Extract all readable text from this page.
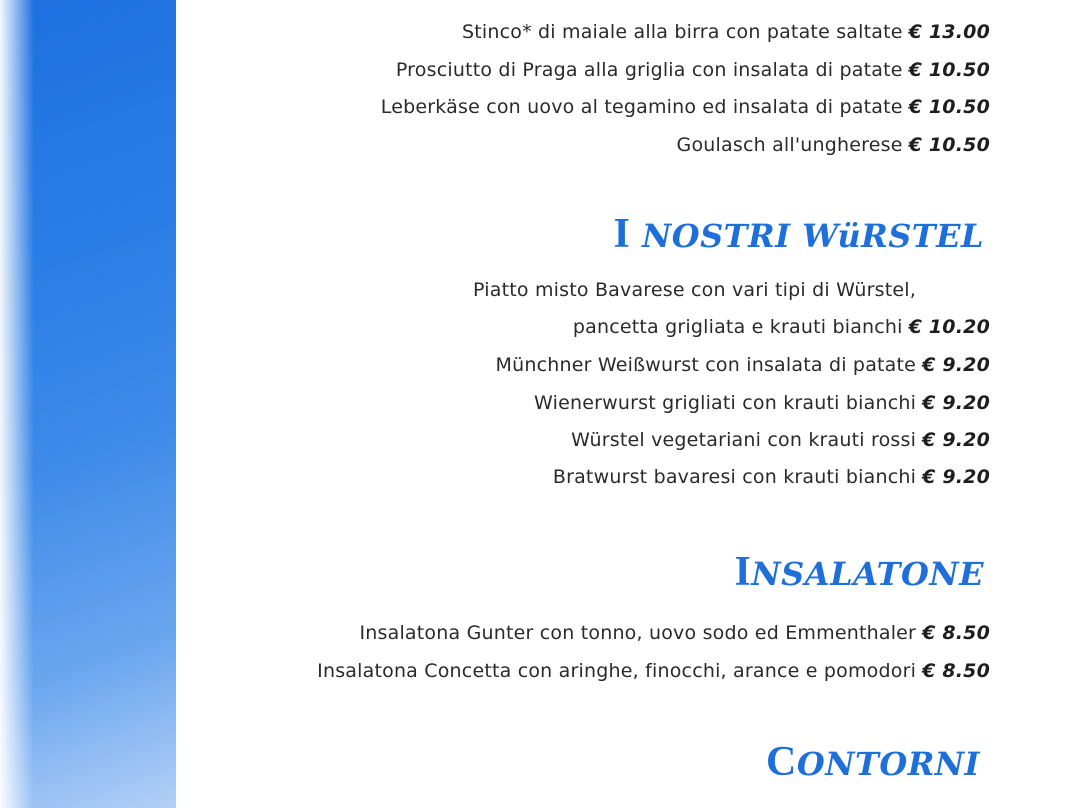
Stinco* di maiale alla birra con patate saltate € 13.00
Prosciutto di Praga alla griglia con insalata di patate € 10.50
Leberkäse con uovo al tegamino ed insalata di patate € 10.50
Goulasch all'ungherese € 10.50
I NOSTRI WüRSTEL
Piatto misto Bavarese con vari tipi di Würstel,
pancetta grigliata e krauti bianchi € 10.20
Münchner Weißwurst con insalata di patate € 9.20
Wienerwurst grigliati con krauti bianchi € 9.20
Würstel vegetariani con krauti rossi € 9.20
Bratwurst bavaresi con krauti bianchi € 9.20
INSALATONE
Insalatona Gunter con tonno, uovo sodo ed Emmenthaler € 8.50
Insalatona Concetta con aringhe, finocchi, arance e pomodori € 8.50
CONTORNI
